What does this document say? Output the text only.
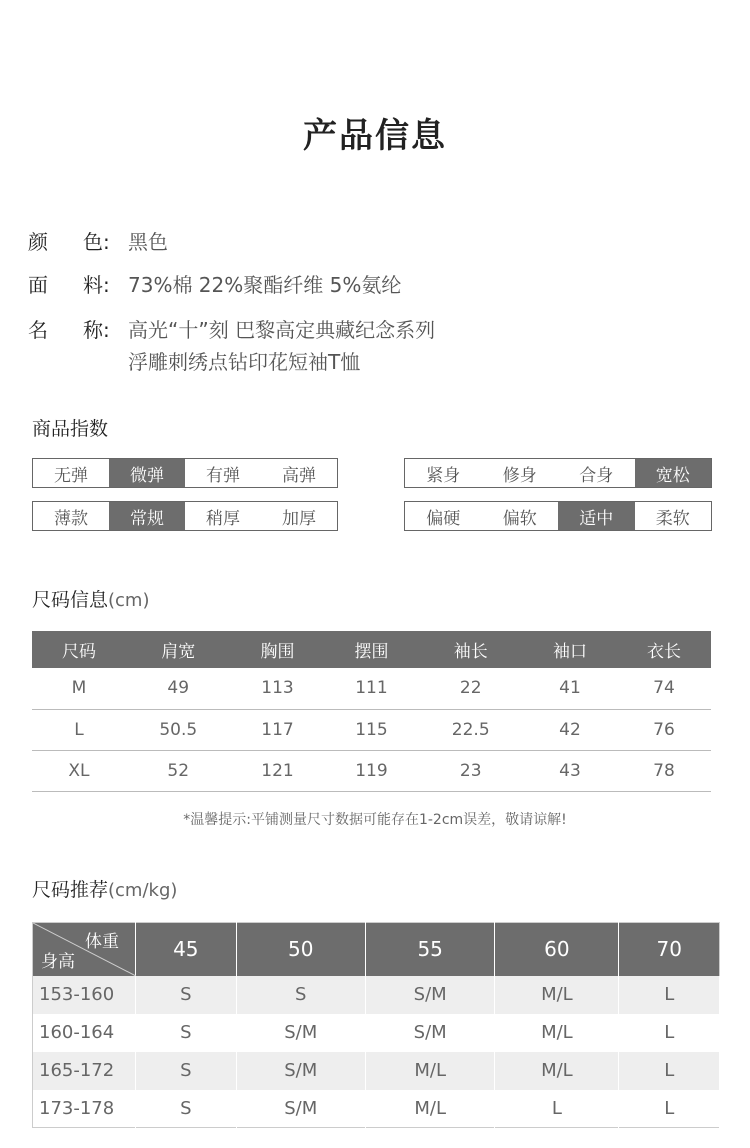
产品信息
颜 色: 黑色
面 料: 73%棉 22%聚酯纤维 5%氨纶
名 称: 高光“十”刻 巴黎高定典藏纪念系列
浮雕刺绣点钻印花短袖T恤
商品指数
无弹	微弹	有弹	高弹	紧身	修身	合身	宽松
薄款	常规	稍厚	加厚	偏硬	偏软	适中	柔软
尺码信息(cm)
尺码	肩宽	胸围	摆围	袖长	袖口	衣长
M	49	113	111	22	41	74
L	50.5	117	115	22.5	42	76
XL	52	121	119	23	43	78
*温馨提示:平铺测量尺寸数据可能存在1-2cm误差，敬请谅解!
尺码推荐(cm/kg)
体重
身高	45	50	55	60	70
153-160	S	S	S/M	M/L	L
160-164	S	S/M	S/M	M/L	L
165-172	S	S/M	M/L	M/L	L
173-178	S	S/M	M/L	L	L
